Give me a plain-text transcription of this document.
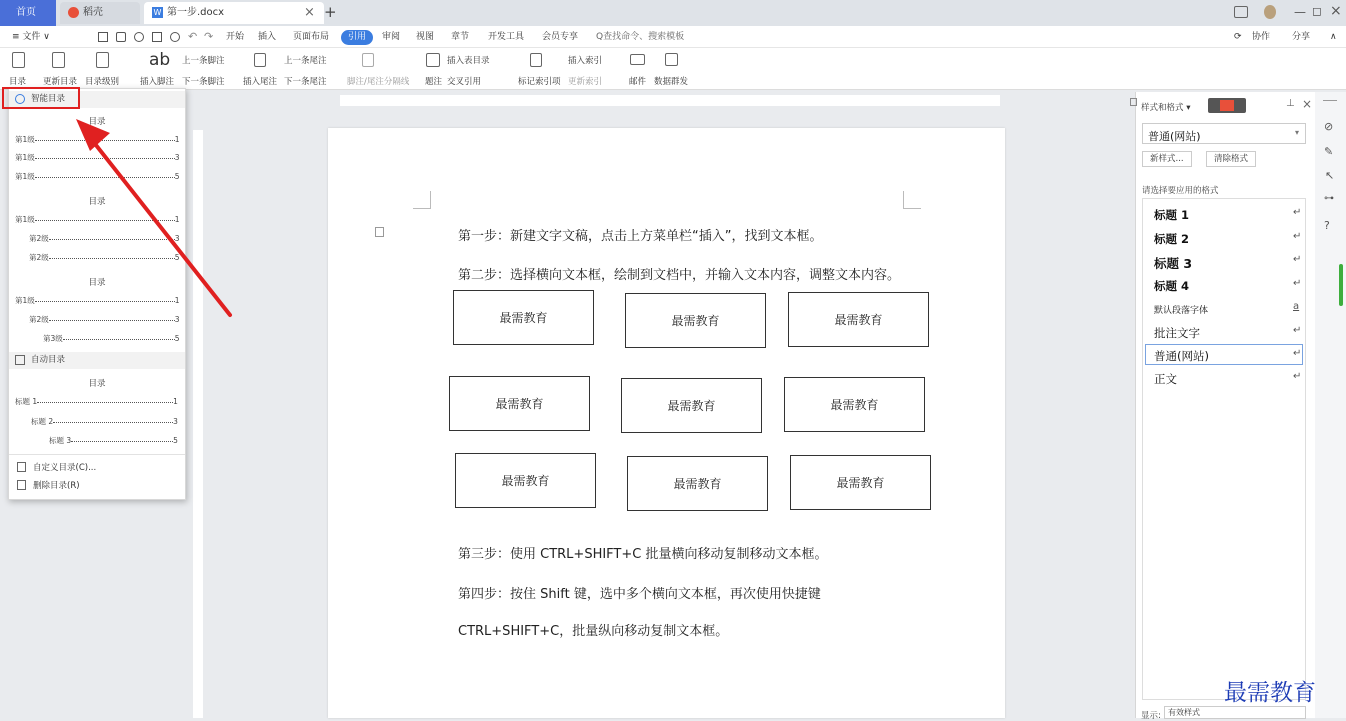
首页	稻壳	W 第一步.docx	× +	— ◻ ×
≡ 文件 ∨	↶ ↷ 开始 插入 页面布局	引用	审阅 视图 章节 开发工具 会员专享 Q查找命令、搜索模板	⟳ 协作 分享 ∧
目录 更新目录 目录级别
ab
插入脚注
上一条脚注
下一条脚注 插入尾注
上一条尾注
下一条尾注 脚注/尾注分隔线 题注
插入表目录
交叉引用	标记索引项
插入索引
更新索引	邮件 数据群发
第一步：新建文字文稿，点击上方菜单栏“插入”，找到文本框。
第二步：选择横向文本框，绘制到文档中，并输入文本内容，调整文本内容。
最需教育	最需教育	最需教育
最需教育	最需教育	最需教育
最需教育	最需教育	最需教育
第三步：使用 CTRL+SHIFT+C 批量横向移动复制移动文本框。
第四步：按住 Shift 键，选中多个横向文本框，再次使用快捷键
CTRL+SHIFT+C，批量纵向移动复制文本框。
智能目录
目录
第1级	1
第1级	3
第1级	5
目录
第1级	1
第2级	3
第2级	5
目录
第1级	1
第2级	3
第3级	5
自动目录
目录
标题 1	1
标题 2	3
标题 3	5
自定义目录(C)...
删除目录(R)
样式和格式 ▾	⊥ ×
普通(网站)	▾
新样式...	清除格式
请选择要应用的格式
标题 1	↵
标题 2	↵
标题 3	↵
标题 4	↵
默认段落字体	a
批注文字	↵
普通(网站)	↵
正文	↵
显示: 有效样式
⊘
✎
↖
⊶
?
最需教育
